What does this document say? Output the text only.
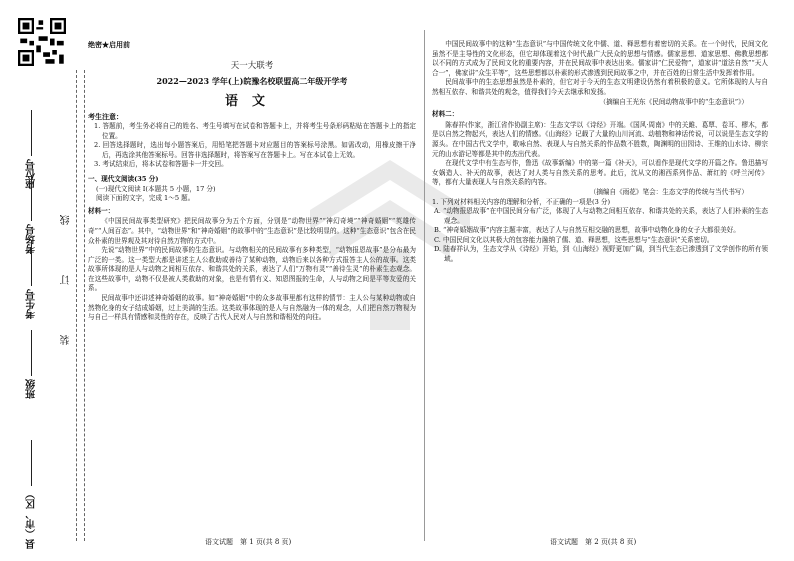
座位号
考场号
考生号
班级
县（市、区）
线
订
装

绝密★启用前

天一大联考

2022—2023 学年(上)皖豫名校联盟高二年级开学考

语文

考生注意：

1. 答题前，考生务必将自己的姓名、考生号填写在试卷和答题卡上，并将考生号条形码粘贴在答题卡上的指定位置。

2. 回答选择题时，选出每小题答案后，用铅笔把答题卡对应题目的答案标号涂黑。如需改动，用橡皮擦干净后，再选涂其他答案标号。回答非选择题时，将答案写在答题卡上。写在本试卷上无效。

3. 考试结束后，将本试卷和答题卡一并交回。

一、现代文阅读(35 分)

(一)现代文阅读 Ⅰ(本题共 5 小题，17 分)

阅读下面的文字，完成 1～5 题。

材料一：

《中国民间故事类型研究》把民间故事分为五个方面，分别是“动物世界”“神幻奇境”“神奇婚姻”“英雄传奇”“人间百态”。其中，“动物世界”和“神奇婚姻”的故事中的“生态意识”是比较明显的。这种“生态意识”包含在民众朴素的世界观及其对待自然万物的方式中。

先说“动物世界”中的民间故事的生态意识。与动物相关的民间故事有多种类型，“动物报恩故事”是分布最为广泛的一类。这一类型大都是讲述主人公救助或善待了某种动物，动物后来以各种方式报答主人公的故事。这类故事所体现的是人与动物之间相互依存、和谐共处的关系，表达了人们“万物有灵”“善待生灵”的朴素生态观念。在这些故事中，动物不仅是被人类救助的对象，也是有情有义、知恩图报的生命，人与动物之间是平等友爱的关系。

民间故事中还讲述神奇婚姻的故事。如“神奇婚姻”中的众多故事里都有这样的情节：主人公与某种动物或自然物化身的女子结成婚姻，过上美满的生活。这类故事体现的是人与自然融为一体的观念，人们把自然万物视为与自己一样具有情感和灵性的存在，反映了古代人民对人与自然和谐相处的向往。

中国民间故事中的这种“生态意识”与中国传统文化中儒、道、释思想有着密切的关系。在一个时代，民间文化虽然不是主导性的文化形态，但它却体现着这个时代最广大民众的思想与情感。儒家思想、道家思想、佛教思想都以不同的方式成为了民间文化的重要内容，并在民间故事中表达出来。儒家讲“仁民爱物”，道家讲“道法自然”“天人合一”，佛家讲“众生平等”，这些思想都以朴素的形式渗透到民间故事之中，并在百姓的日常生活中发挥着作用。

民间故事中的生态思想虽然是朴素的，但它对于今天的生态文明建设仍然有着积极的意义。它所体现的人与自然相互依存、和谐共处的观念，值得我们今天去继承和发扬。

（摘编自王光东《民间动物故事中的“生态意识”》）

材料二：

陈春祥(作家，浙江省作协副主席)：生态文学以《诗经》开端。《国风·周南》中的关雎、葛覃、卷耳、樛木，都是以自然之物起兴，表达人们的情感。《山海经》记载了大量的山川河流、动植物和神话传说，可以说是生态文学的源头。在中国古代文学中，歌咏自然、表现人与自然关系的作品数不胜数，陶渊明的田园诗、王维的山水诗、柳宗元的山水游记等都是其中的杰出代表。

在现代文学中有生态写作，鲁迅《故事新编》中的第一篇《补天》，可以看作是现代文学的开篇之作。鲁迅描写女娲造人、补天的故事，表达了对人类与自然关系的思考。此后，沈从文的湘西系列作品、萧红的《呼兰河传》等，都有大量表现人与自然关系的内容。

（摘编自《雨花》笔会：生态文学的传统与当代书写）

1. 下列对材料相关内容的理解和分析，不正确的一项是(3 分)

A. “动物报恩故事”在中国民间分布广泛，体现了人与动物之间相互依存、和谐共处的关系，表达了人们朴素的生态观念。

B. “神奇婚姻故事”内容主题丰富，表达了人与自然互相交融的思想，故事中动物化身的女子大都很美好。

C. 中国民间文化以其极大的包容能力融纳了儒、道、释思想，这些思想与“生态意识”关系密切。

D. 陆春祥认为，生态文学从《诗经》开始，到《山海经》视野更加广阔，到当代生态已渗透到了文学创作的所有领域。

语文试题　第 1 页(共 8 页)	语文试题　第 2 页(共 8 页)
